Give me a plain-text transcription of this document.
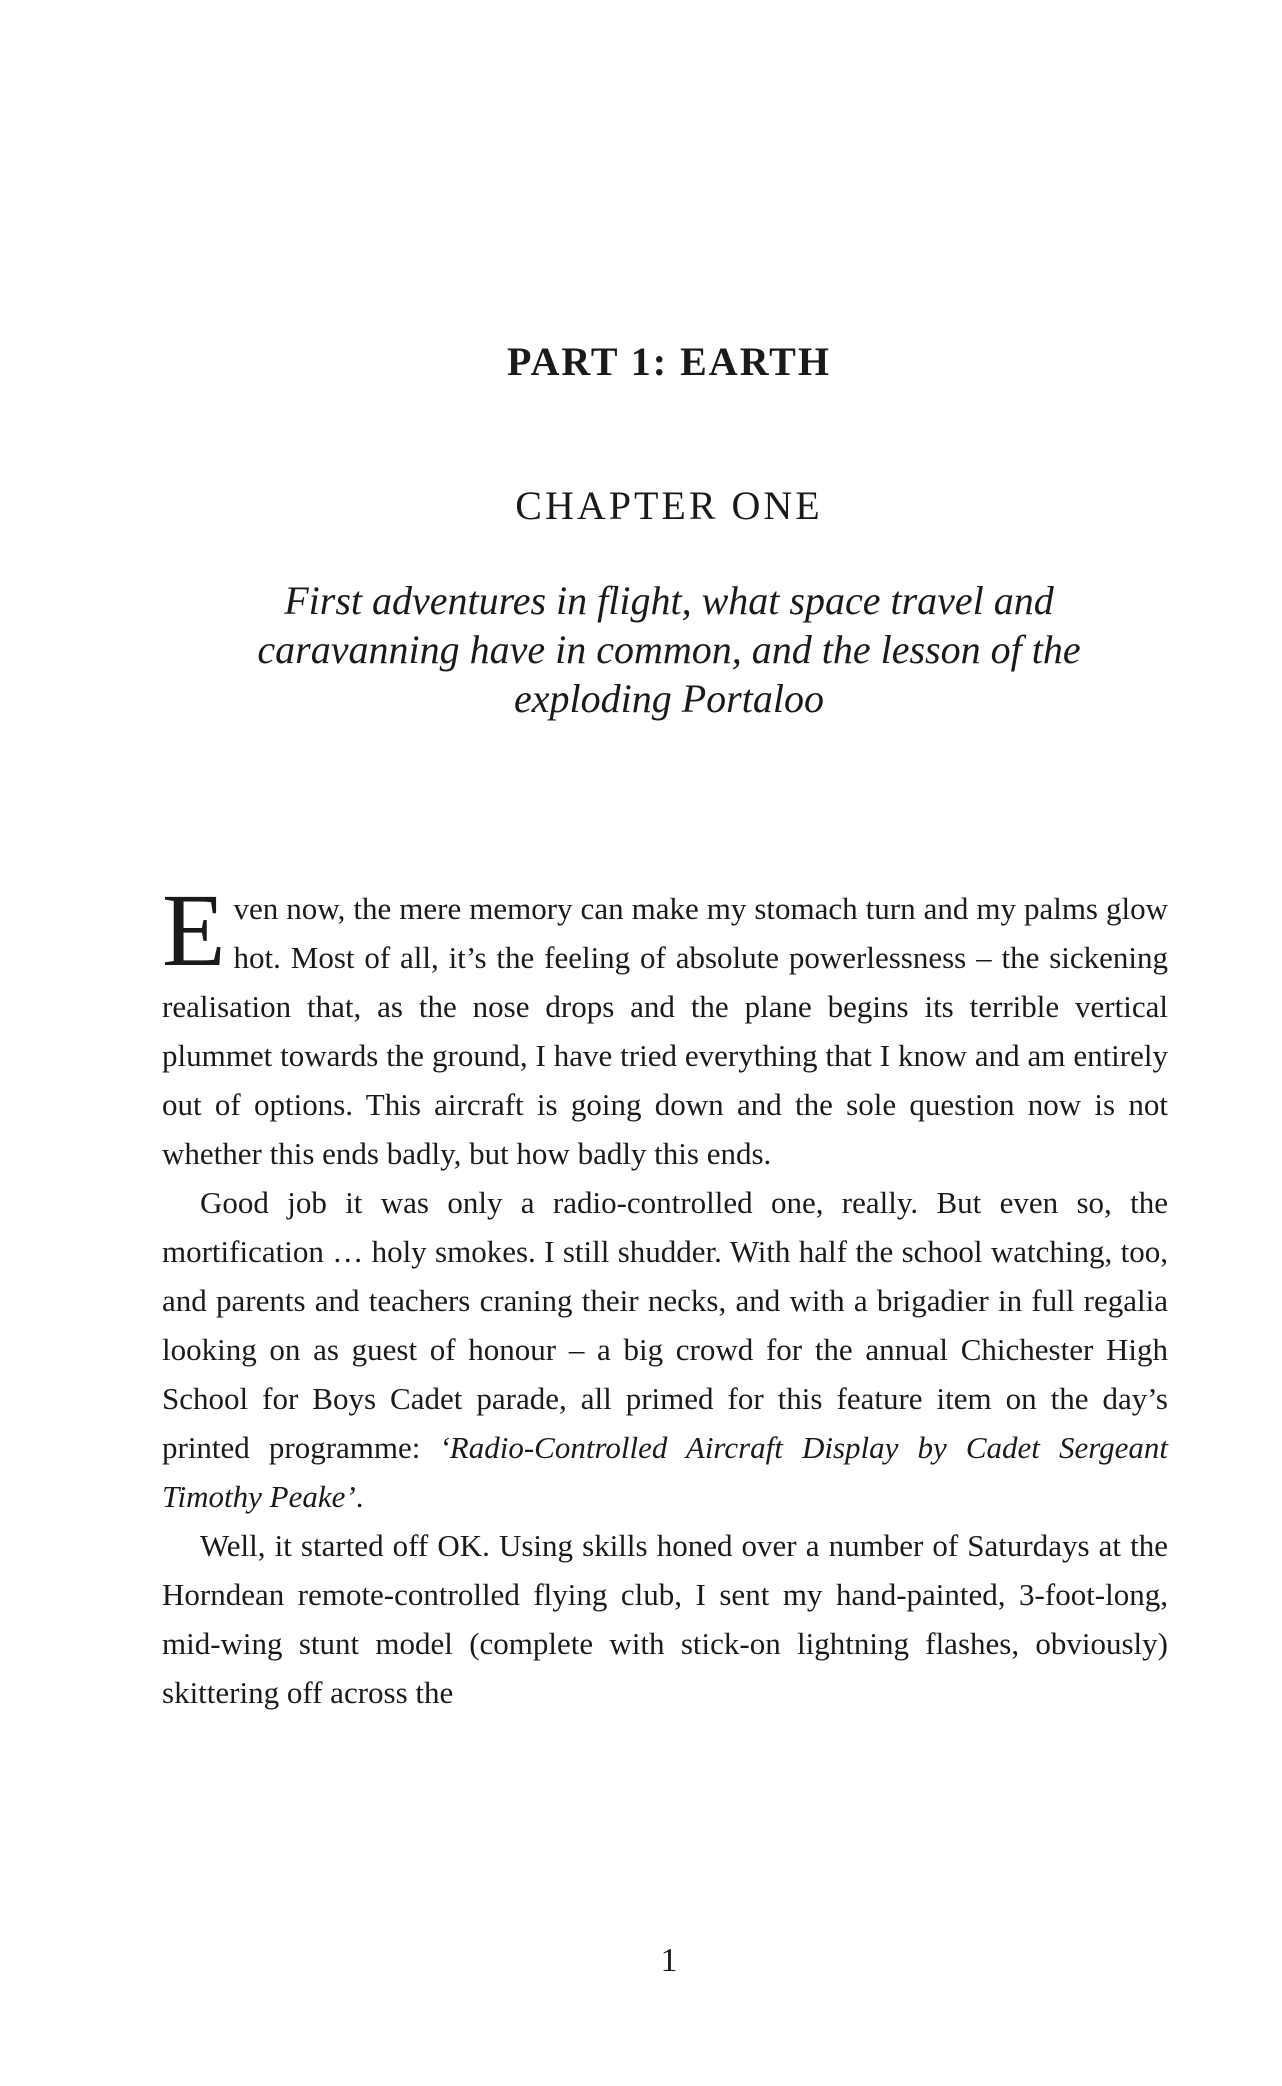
PART 1: EARTH
CHAPTER ONE

First adventures in flight, what space travel and caravanning have in common, and the lesson of the exploding Portaloo

Even now, the mere memory can make my stomach turn and my palms glow hot. Most of all, it’s the feeling of absolute powerlessness – the sickening realisation that, as the nose drops and the plane begins its terrible vertical plummet towards the ground, I have tried everything that I know and am entirely out of options. This aircraft is going down and the sole question now is not whether this ends badly, but how badly this ends.

Good job it was only a radio-controlled one, really. But even so, the mortification … holy smokes. I still shudder. With half the school watching, too, and parents and teachers craning their necks, and with a brigadier in full regalia looking on as guest of honour – a big crowd for the annual Chichester High School for Boys Cadet parade, all primed for this feature item on the day’s printed programme: ‘Radio-Controlled Aircraft Display by Cadet Sergeant Timothy Peake’.

Well, it started off OK. Using skills honed over a number of Saturdays at the Horndean remote-controlled flying club, I sent my hand-painted, 3-foot-long, mid-wing stunt model (complete with stick-on lightning flashes, obviously) skittering off across the

1
